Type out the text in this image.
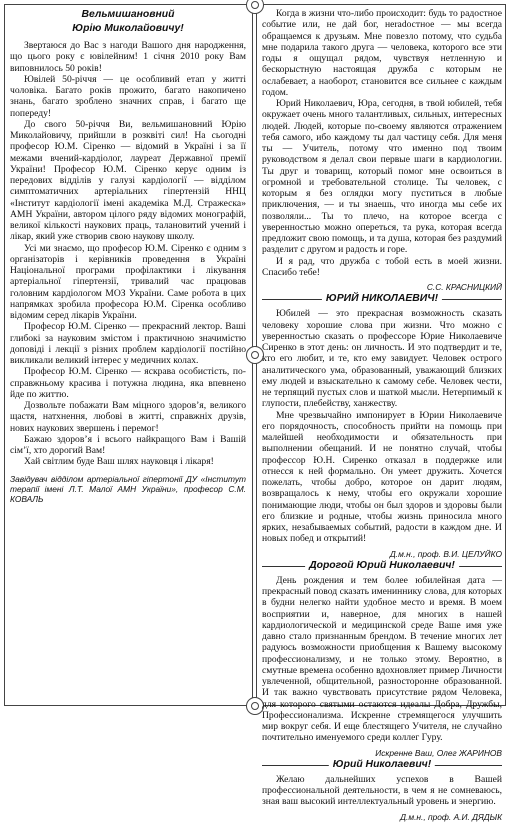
Вельмишановний
Юрію Миколайовичу!

Звертаюся до Вас з нагоди Вашого дня народження, що цього року є ювілейним! 1 січня 2010 року Вам виповнилось 50 років!

Ювілей 50-річчя — це особливий етап у житті чоловіка. Багато років прожито, багато накопичено знань, багато зроблено значних справ, і багато ще попереду!

До свого 50-річчя Ви, вельмишановний Юрію Миколайовичу, прийшли в розквіті сил! На сьогодні професор Ю.М. Сіренко — відомий в Україні і за її межами вчений-кардіолог, лауреат Державної премії України! Професор Ю.М. Сіренко керує одним із передових відділів у галузі кардіології — відділом симптоматичних артеріальних гіпертензій ННЦ «Інститут кардіології імені академіка М.Д. Стражеска» АМН України, автором цілого ряду відомих монографій, великої кількості наукових праць, талановитий учений і лікар, який уже створив свою наукову школу.

Усі ми знаємо, що професор Ю.М. Сіренко є одним з організаторів і керівників проведення в Україні Національної програми профілактики і лікування артеріальної гіпертензії, тривалий час працював головним кардіологом МОЗ України. Саме робота в цих напрямках зробила професора Ю.М. Сіренка особливо відомим серед лікарів України.

Професор Ю.М. Сіренко — прекрасний лектор. Ваші глибокі за науковим змістом і практичною значимістю доповіді і лекції з різних проблем кардіології постійно викликали великий інтерес у медичних колах.

Професор Ю.М. Сіренко — яскрава особистість, по-справжньому красива і потужна людина, яка впевнено йде по життю.

Дозвольте побажати Вам міцного здоров’я, великого щастя, натхнення, любові в житті, справжніх друзів, нових наукових звершень і перемог!

Бажаю здоров’я і всього найкращого Вам і Вашій сім’ї, хто дорогий Вам!

Хай світлим буде Ваш шлях науковця і лікаря!

Завідувач відділом артеріальної гіпертонії ДУ «Інститут терапії імені Л.Т. Малої АМН України», професор С.М. КОВАЛЬ

Когда в жизни что-либо происходит: будь то радостное событие или, не дай бог, неradостное — мы всегда обращаемся к друзьям. Мне повезло потому, что судьба мне подарила такого друга — человека, которого все эти годы я ощущал рядом, чувствуя нетленную и бескорыстную настоящая дружба с которым не ослабевает, а наоборот, становится все сильнее с каждым годом.

Юрий Николаевич, Юра, сегодня, в твой юбилей, тебя окружает очень много талантливых, сильных, интересных людей. Людей, которые по-своему являются отражением тебя самого, ибо каждому ты дал частицу себя. Для меня ты — Учитель, потому что именно под твоим руководством я делал свои первые шаги в кардиологии. Ты друг и товарищ, который помог мне освоиться в огромной и требовательной столице. Ты человек, с которым я без оглядки могу пуститься в любые приключения, — и ты знаешь, что иногда мы себе их позволяли... Ты то плечо, на которое всегда с уверенностью можно опереться, та рука, которая всегда предложит свою помощь, и та душа, которая без раздумий разделит с другом и радость и горе.

И я рад, что дружба с тобой есть в моей жизни. Спасибо тебе!

С.С. КРАСНИЦКИЙ
ЮРИЙ НИКОЛАЕВИЧ!

Юбилей — это прекрасная возможность сказать человеку хорошие слова при жизни. Что можно с уверенностью сказать о профессоре Юрие Николаевиче Сиренко в этот день: он личность. И это подтвердит и те, кто его любит, и те, кто ему завидует. Человек острого аналитического ума, образованный, уважающий близких ему людей и взыскательно к самому себе. Человек чести, не терпящий пустых слов и шаткой мысли. Нетерпимый к глупости, плебейству, ханжеству.

Мне чрезвычайно импонирует в Юрии Николаевиче его порядочность, способность прийти на помощь при малейшей необходимости и обязательность при выполнении обещаний. И не понятно случай, чтобы профессор Ю.Н. Сиренко отказал в поддержке или отнесся к ней формально. Он умеет дружить. Хочется пожелать, чтобы добро, которое он дарит людям, возвращалось к нему, чтобы его окружали хорошие понимающие люди, чтобы он был здоров и здоровы были его близкие и родные, чтобы жизнь приносила много ярких, незабываемых событий, радости в каждом дне. И новых побед и открытий!

Д.м.н., проф. В.И. ЦЕЛУЙКО
Дорогой Юрий Николаевич!

День рождения и тем более юбилейная дата — прекрасный повод сказать имениннику слова, для которых в будни нелегко найти удобное место и время. В моем восприятии и, наверное, для многих в нашей кардиологической и медицинской среде Ваше имя уже давно стало признанным брендом. В течение многих лет радуюсь возможности приобщения к Вашему высокому профессионализму, и не только этому. Вероятно, в смутные времена особенно вдохновляет пример Личности увлеченной, общительной, разносторонне образованной. И так важно чувствовать присутствие рядом Человека, для которого святыми остаются идеалы Добра, Дружбы, Профессионализма. Искренне стремящегося улучшить мир вокруг себя. И еще блестящего Учителя, не случайно почтительно именуемого среди коллег Гуру.

Искренне Ваш, Олег ЖАРИНОВ
Юрий Николаевич!

Желаю дальнейших успехов в Вашей профессиональной деятельности, в чем я не сомневаюсь, зная ваш высокий интеллектуальный уровень и энергию.

Д.м.н., проф. А.И. ДЯДЫК
